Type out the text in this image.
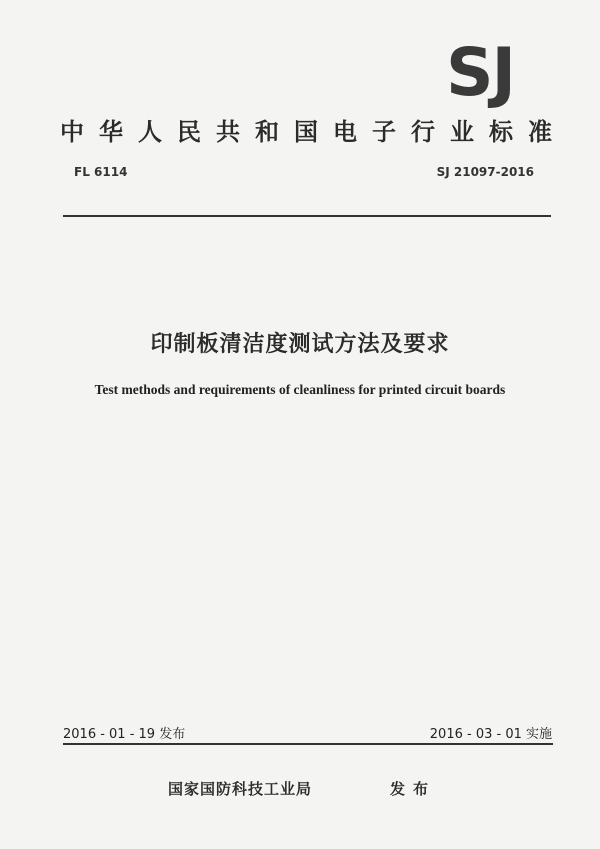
SJ
中华人民共和国电子行业标准
FL 6114	SJ 21097-2016
印制板清洁度测试方法及要求
Test methods and requirements of cleanliness for printed circuit boards
2016 - 01 - 19 发布	2016 - 03 - 01 实施
国家国防科技工业局	发布
